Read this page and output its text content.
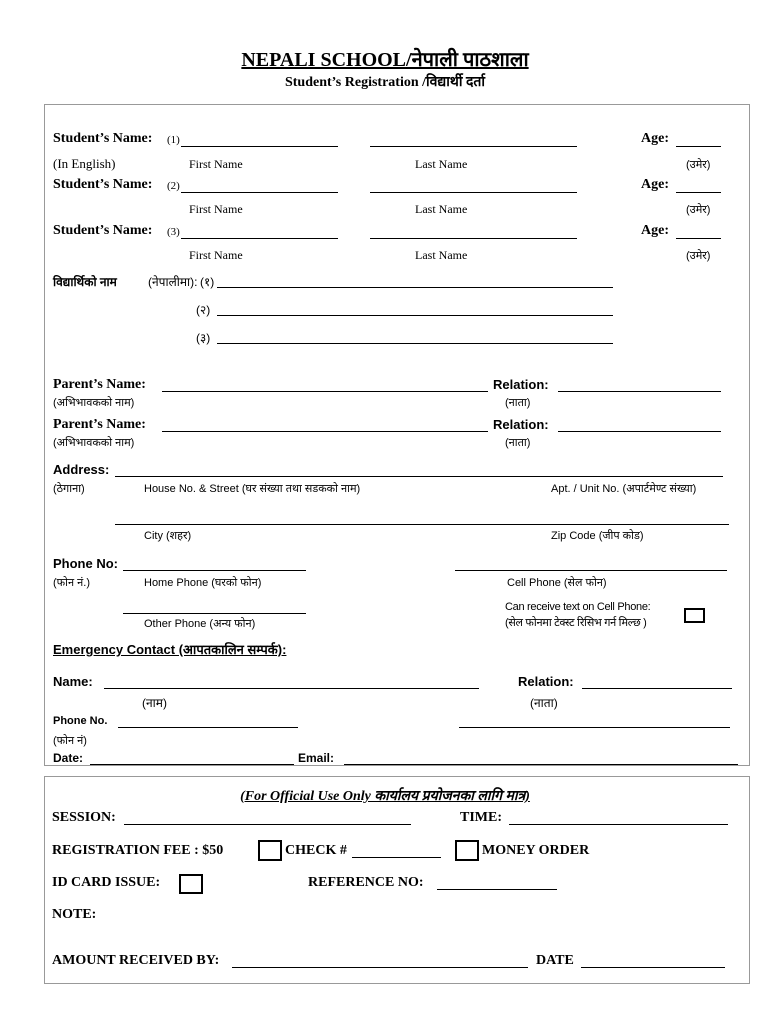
NEPALI SCHOOL/नेपाली पाठशाला
Student’s Registration /विद्यार्थी दर्ता
Student’s Name: (1)	Age:
(In English)	First Name	Last Name	(उमेर)
Student’s Name: (2)	Age:
First Name	Last Name	(उमेर)
Student’s Name: (3)	Age:
First Name	Last Name	(उमेर)
विद्यार्थिको नाम	(नेपालीमा): (१)
(२)
(३)
Parent’s Name:	Relation:
(अभिभावकको नाम)	(नाता)
Parent’s Name:	Relation:
(अभिभावकको नाम)	(नाता)
Address:
(ठेगाना)	House No. & Street (घर संख्या तथा सडकको नाम)	Apt. / Unit No. (अपार्टमेण्ट संख्या)
City (शहर)	Zip Code (जीप कोड)
Phone No:
(फोन नं.)	Home Phone (घरको फोन)	Cell Phone (सेल फोन)
Other Phone (अन्य फोन)
Can receive text on Cell Phone:
(सेल फोनमा टेक्स्ट रिसिभ गर्न मिल्छ )
Emergency Contact (आपतकालिन सम्पर्क):
Name:	Relation:
(नाम)	(नाता)
Phone No.
(फोन नं)
Date:	Email:
(For Official Use Only कार्यालय प्रयोजनका लागि मात्र)
SESSION:	TIME:
REGISTRATION FEE : $50	CHECK #	MONEY ORDER
ID CARD ISSUE:	REFERENCE NO:
NOTE:
AMOUNT RECEIVED BY:	DATE
